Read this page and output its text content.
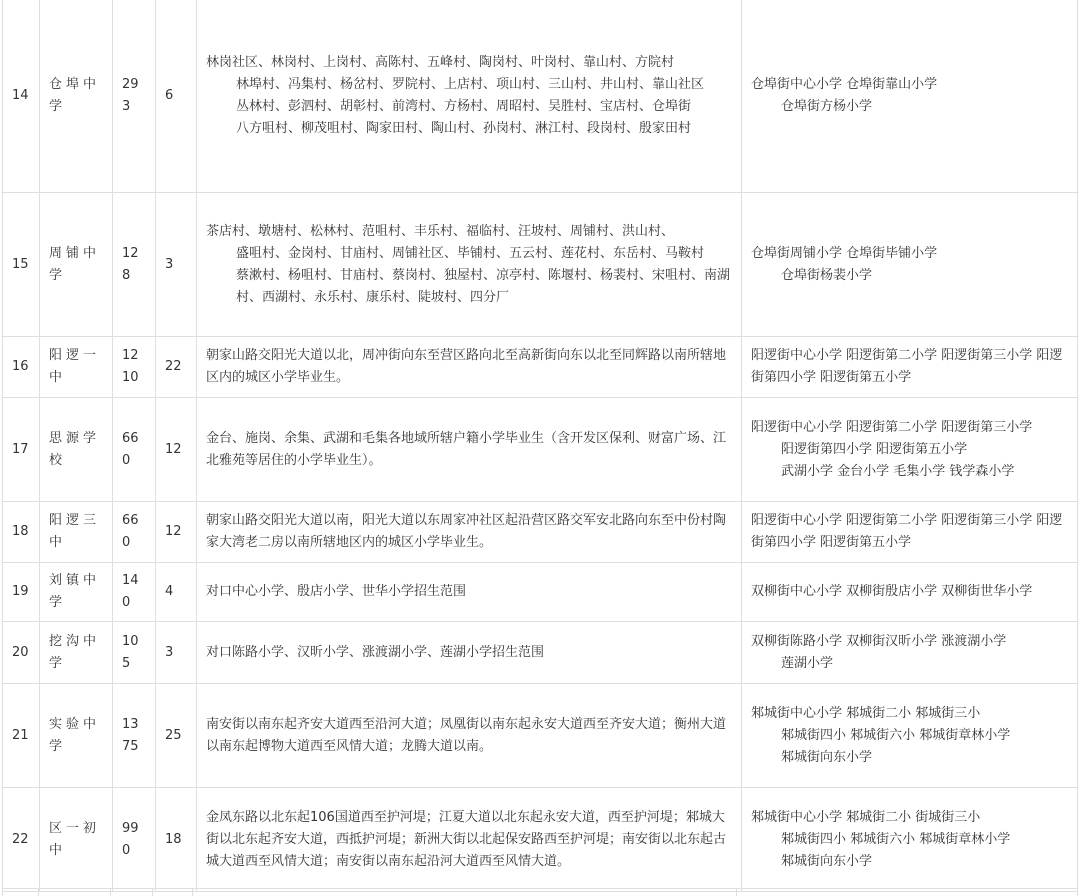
14	仓埠中学	293	6	林岗社区、林岗村、上岗村、高陈村、五峰村、陶岗村、叶岗村、靠山村、方院村
林埠村、冯集村、杨岔村、罗院村、上店村、项山村、三山村、井山村、靠山社区
丛林村、彭泗村、胡彰村、前湾村、方杨村、周昭村、吴胜村、宝店村、仓埠街
八方咀村、柳茂咀村、陶家田村、陶山村、孙岗村、淋江村、段岗村、殷家田村	仓埠街中心小学 仓埠街靠山小学
仓埠街方杨小学

15	周铺中学	128	3	茶店村、墩塘村、松林村、范咀村、丰乐村、福临村、汪坡村、周铺村、洪山村、
盛咀村、金岗村、甘庙村、周铺社区、毕铺村、五云村、莲花村、东岳村、马鞍村
蔡漱村、杨咀村、甘庙村、蔡岗村、独屋村、凉亭村、陈堰村、杨裴村、宋咀村、南湖村、西湖村、永乐村、康乐村、陡坡村、四分厂	仓埠街周铺小学 仓埠街毕铺小学
仓埠街杨裴小学

16	阳逻一中	1210	22	朝家山路交阳光大道以北，周冲街向东至营区路向北至高新街向东以北至同辉路以南所辖地区内的城区小学毕业生。	阳逻街中心小学 阳逻街第二小学 阳逻街第三小学 阳逻街第四小学 阳逻街第五小学

17	思源学校	660	12	金台、施岗、余集、武湖和毛集各地域所辖户籍小学毕业生（含开发区保利、财富广场、江北雅苑等居住的小学毕业生）。	阳逻街中心小学 阳逻街第二小学 阳逻街第三小学
阳逻街第四小学 阳逻街第五小学
武湖小学 金台小学 毛集小学 钱学森小学

18	阳逻三中	660	12	朝家山路交阳光大道以南，阳光大道以东周家冲社区起沿营区路交军安北路向东至中份村陶家大湾老二房以南所辖地区内的城区小学毕业生。	阳逻街中心小学 阳逻街第二小学 阳逻街第三小学 阳逻街第四小学 阳逻街第五小学

19	刘镇中学	140	4	对口中心小学、殷店小学、世华小学招生范围	双柳街中心小学 双柳街殷店小学 双柳街世华小学

20	挖沟中学	105	3	对口陈路小学、汉昕小学、涨渡湖小学、莲湖小学招生范围	双柳街陈路小学 双柳街汉昕小学 涨渡湖小学
莲湖小学

21	实验中学	1375	25	南安街以南东起齐安大道西至沿河大道；凤凰街以南东起永安大道西至齐安大道；衡州大道以南东起博物大道西至风情大道；龙腾大道以南。	邾城街中心小学 邾城街二小 邾城街三小
邾城街四小 邾城街六小 邾城街章林小学
邾城街向东小学

22	区一初中	990	18	金凤东路以北东起106国道西至护河堤；江夏大道以北东起永安大道，西至护河堤；邾城大街以北东起齐安大道，西抵护河堤；新洲大街以北起保安路西至护河堤；南安街以北东起古城大道西至风情大道；南安街以南东起沿河大道西至风情大道。	邾城街中心小学 邾城街二小 街城街三小
邾城街四小 邾城街六小 邾城街章林小学
邾城街向东小学
